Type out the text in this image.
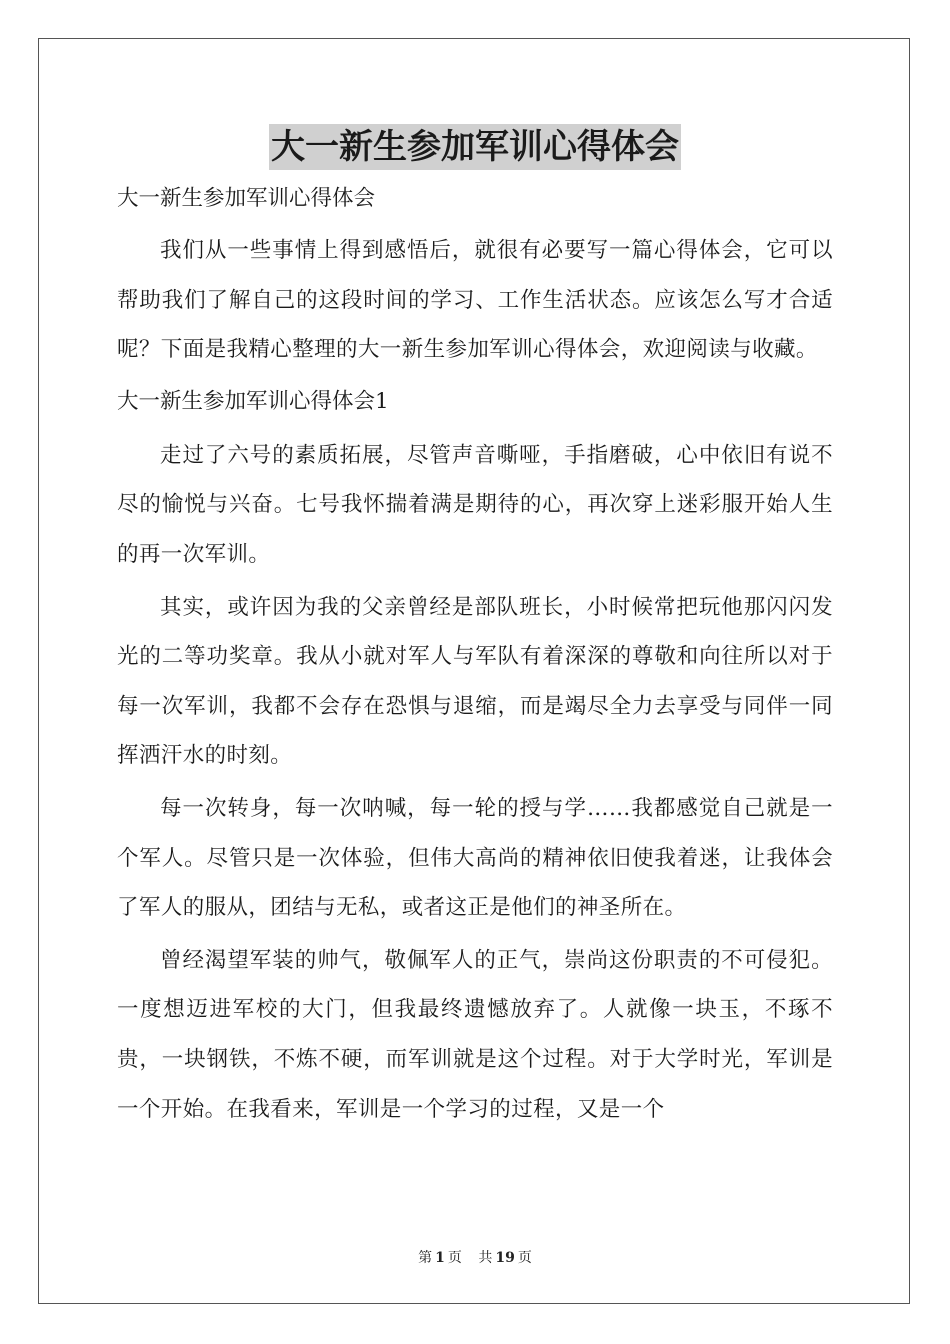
大一新生参加军训心得体会

大一新生参加军训心得体会

我们从一些事情上得到感悟后，就很有必要写一篇心得体会，它可以帮助我们了解自己的这段时间的学习、工作生活状态。应该怎么写才合适呢？下面是我精心整理的大一新生参加军训心得体会，欢迎阅读与收藏。

大一新生参加军训心得体会1

走过了六号的素质拓展，尽管声音嘶哑，手指磨破，心中依旧有说不尽的愉悦与兴奋。七号我怀揣着满是期待的心，再次穿上迷彩服开始人生的再一次军训。

其实，或许因为我的父亲曾经是部队班长，小时候常把玩他那闪闪发光的二等功奖章。我从小就对军人与军队有着深深的尊敬和向往所以对于每一次军训，我都不会存在恐惧与退缩，而是竭尽全力去享受与同伴一同挥洒汗水的时刻。

每一次转身，每一次呐喊，每一轮的授与学……我都感觉自己就是一个军人。尽管只是一次体验，但伟大高尚的精神依旧使我着迷，让我体会了军人的服从，团结与无私，或者这正是他们的神圣所在。

曾经渴望军装的帅气，敬佩军人的正气，崇尚这份职责的不可侵犯。一度想迈进军校的大门，但我最终遗憾放弃了。人就像一块玉，不琢不贵，一块钢铁，不炼不硬，而军训就是这个过程。对于大学时光，军训是一个开始。在我看来，军训是一个学习的过程，又是一个

第 1 页 共 19 页
